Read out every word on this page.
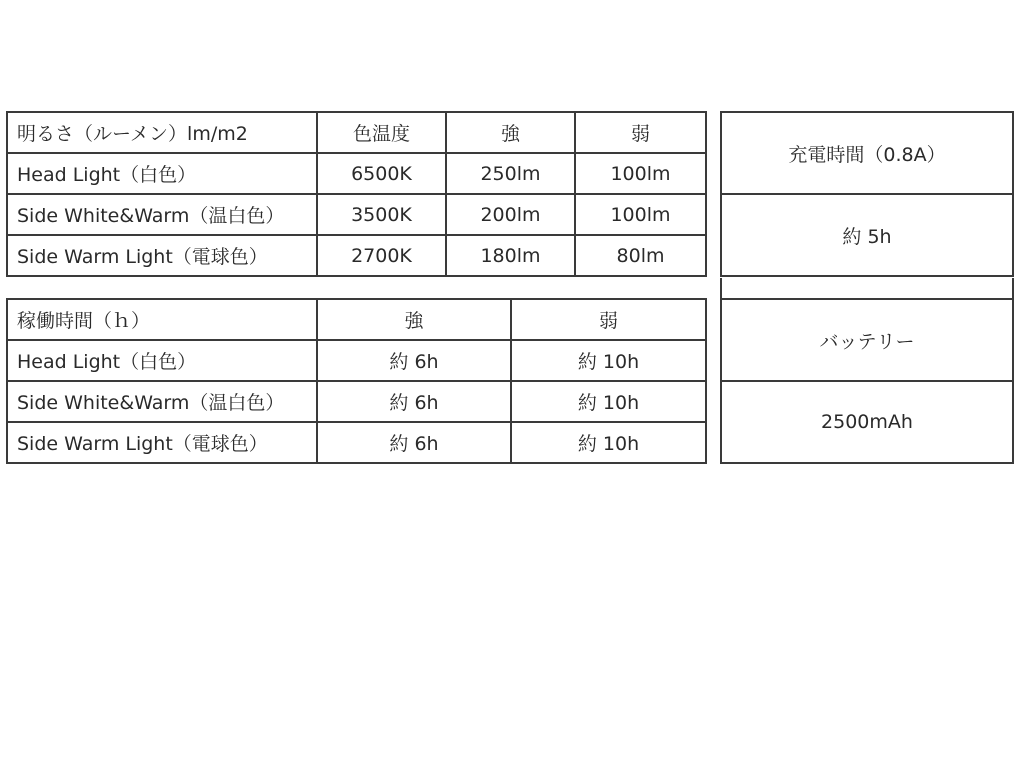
明るさ（ルーメン）lm/m2	色温度	強	弱
Head Light（白色）	6500K	250lm	100lm
Side White&Warm（温白色）	3500K	200lm	100lm
Side Warm Light（電球色）	2700K	180lm	80lm
充電時間（0.8A）
約 5h
稼働時間（ｈ）	強	弱
Head Light（白色）	約 6h	約 10h
Side White&Warm（温白色）	約 6h	約 10h
Side Warm Light（電球色）	約 6h	約 10h
バッテリー
2500mAh
